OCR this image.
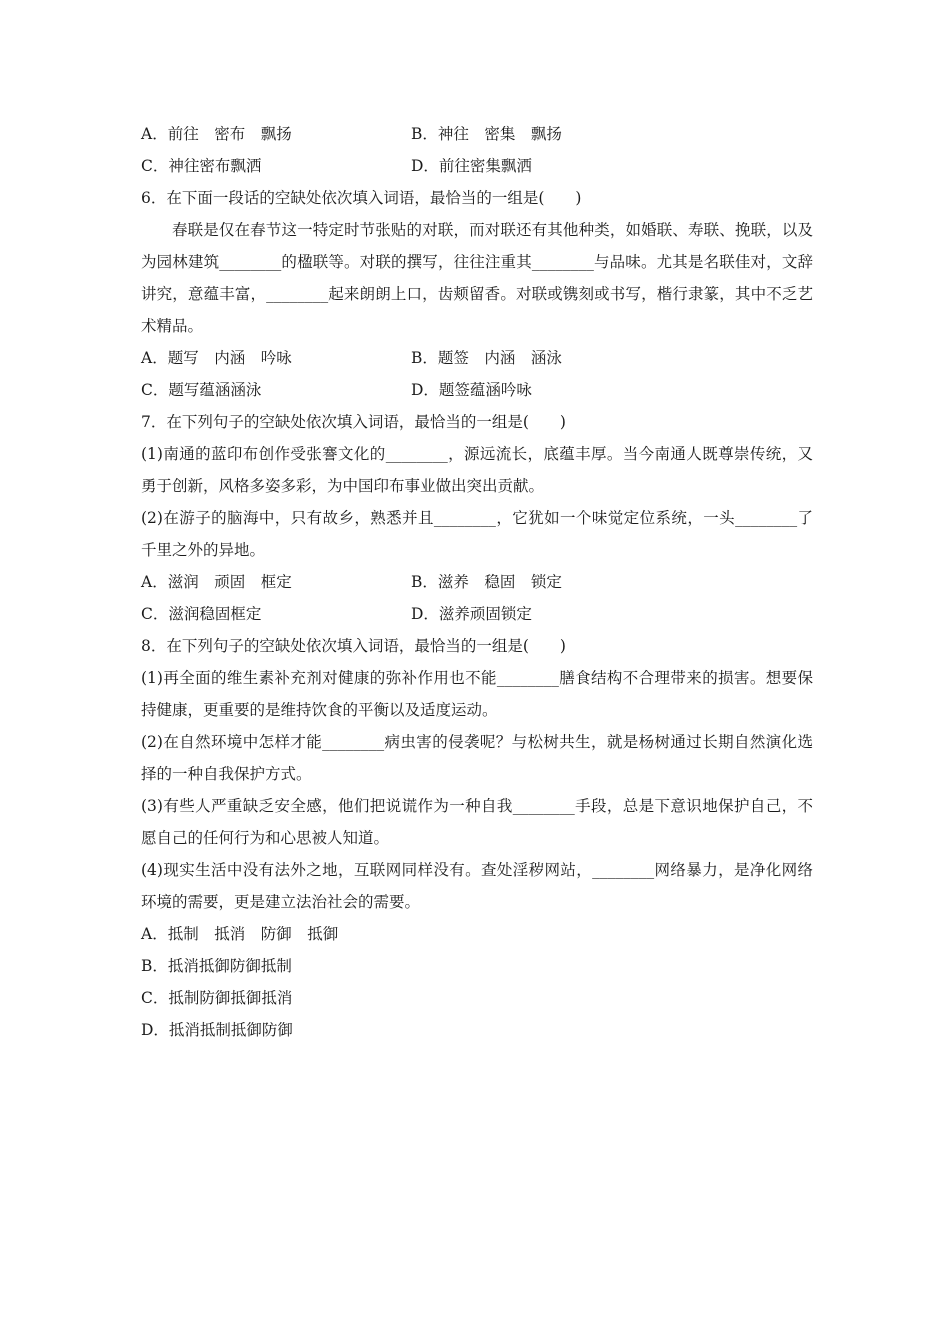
A．前往　密布　飘扬	B．神往　密集　飘扬
C．神往密布飘洒	D．前往密集飘洒
6．在下面一段话的空缺处依次填入词语，最恰当的一组是(　　)
春联是仅在春节这一特定时节张贴的对联，而对联还有其他种类，如婚联、寿联、挽联，以及为园林建筑________的楹联等。对联的撰写，往往注重其________与品味。尤其是名联佳对，文辞讲究，意蕴丰富，________起来朗朗上口，齿颊留香。对联或镌刻或书写，楷行隶篆，其中不乏艺术精品。
A．题写　内涵　吟咏	B．题签　内涵　涵泳
C．题写蕴涵涵泳	D．题签蕴涵吟咏
7．在下列句子的空缺处依次填入词语，最恰当的一组是(　　)
(1)南通的蓝印布创作受张謇文化的________，源远流长，底蕴丰厚。当今南通人既尊崇传统，又勇于创新，风格多姿多彩，为中国印布事业做出突出贡献。
(2)在游子的脑海中，只有故乡，熟悉并且________，它犹如一个味觉定位系统，一头________了千里之外的异地。
A．滋润　顽固　框定	B．滋养　稳固　锁定
C．滋润稳固框定	D．滋养顽固锁定
8．在下列句子的空缺处依次填入词语，最恰当的一组是(　　)
(1)再全面的维生素补充剂对健康的弥补作用也不能________膳食结构不合理带来的损害。想要保持健康，更重要的是维持饮食的平衡以及适度运动。
(2)在自然环境中怎样才能________病虫害的侵袭呢？与松树共生，就是杨树通过长期自然演化选择的一种自我保护方式。
(3)有些人严重缺乏安全感，他们把说谎作为一种自我________手段，总是下意识地保护自己，不愿自己的任何行为和心思被人知道。
(4)现实生活中没有法外之地，互联网同样没有。查处淫秽网站，________网络暴力，是净化网络环境的需要，更是建立法治社会的需要。
A．抵制　抵消　防御　抵御
B．抵消抵御防御抵制
C．抵制防御抵御抵消
D．抵消抵制抵御防御
